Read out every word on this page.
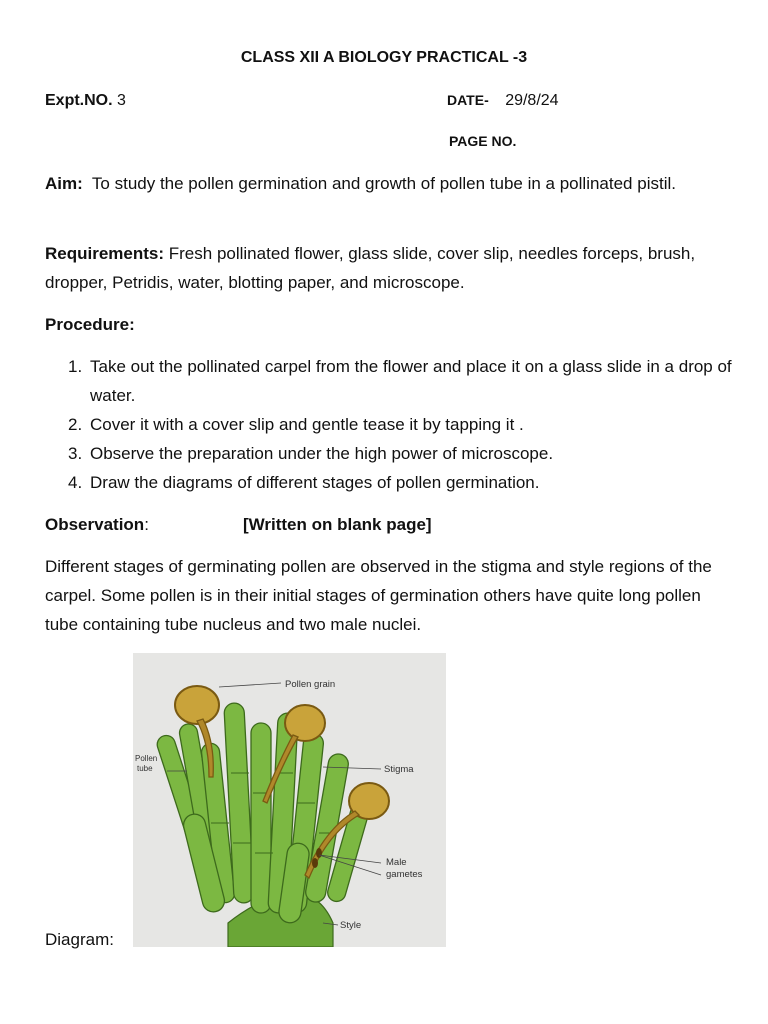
CLASS XII A BIOLOGY PRACTICAL -3
Expt.NO. 3	DATE- 29/8/24
PAGE NO.
Aim: To study the pollen germination and growth of pollen tube in a pollinated pistil.
Requirements: Fresh pollinated flower, glass slide, cover slip, needles forceps, brush, dropper, Petridis, water, blotting paper, and microscope.
Procedure:
1. Take out the pollinated carpel from the flower and place it on a glass slide in a drop of water.
2. Cover it with a cover slip and gentle tease it by tapping it .
3. Observe the preparation under the high power of microscope.
4. Draw the diagrams of different stages of pollen germination.
Observation:	[Written on blank page]
Different stages of germinating pollen are observed in the stigma and style regions of the carpel. Some pollen is in their initial stages of germination others have quite long pollen tube containing tube nucleus and two male nuclei.
Diagram:
Pollen grain
Pollen
tube	Stigma
Male
gametes
Style
